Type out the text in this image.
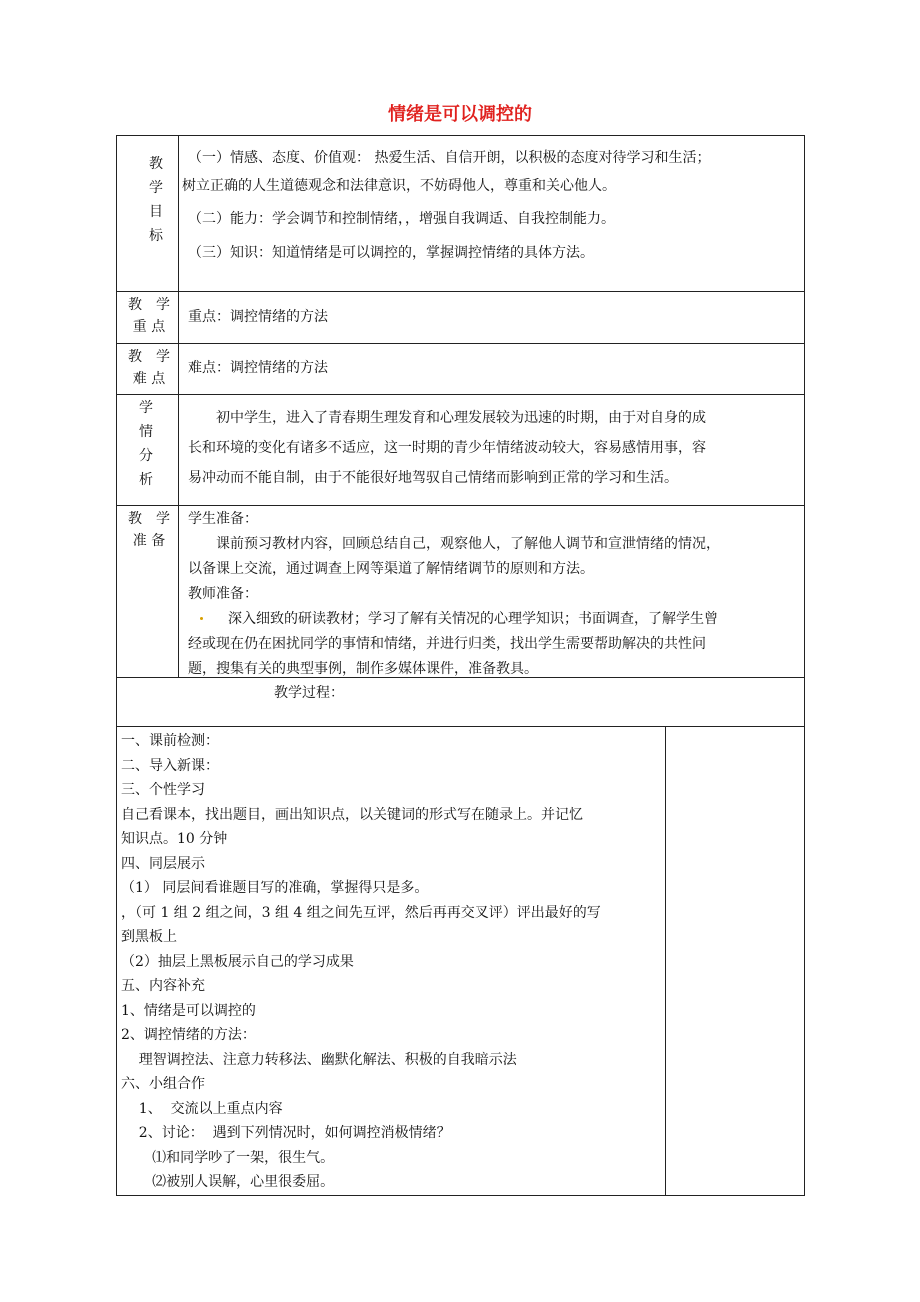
情绪是可以调控的
教
学
目
标

（一）情感、态度、价值观： 热爱生活、自信开朗，以积极的态度对待学习和生活；

树立正确的人生道德观念和法律意识，不妨碍他人，尊重和关心他人。

（二）能力：学会调节和控制情绪，，增强自我调适、自我控制能力。

（三）知识：知道情绪是可以调控的，掌握调控情绪的具体方法。

教　学
重 点
重点：调控情绪的方法
教　学
难 点
难点：调控情绪的方法
学
情
分
析

初中学生，进入了青春期生理发育和心理发展较为迅速的时期，由于对自身的成

长和环境的变化有诸多不适应，这一时期的青少年情绪波动较大，容易感情用事，容

易冲动而不能自制，由于不能很好地驾驭自己情绪而影响到正常的学习和生活。

教　学
准 备

学生准备：

课前预习教材内容，回顾总结自己，观察他人，了解他人调节和宣泄情绪的情况，

以备课上交流，通过调查上网等渠道了解情绪调节的原则和方法。

教师准备：

深入细致的研读教材；学习了解有关情况的心理学知识；书面调查，了解学生曾

经或现在仍在困扰同学的事情和情绪，并进行归类，找出学生需要帮助解决的共性问

题，搜集有关的典型事例，制作多媒体课件，准备教具。

教学过程：

一、课前检测：

二、导入新课：

三、个性学习

自己看课本，找出题目，画出知识点，以关键词的形式写在随录上。并记忆

知识点。10 分钟

四、同层展示

（1） 同层间看谁题目写的准确，掌握得只是多。

，（可 1 组 2 组之间，3 组 4 组之间先互评，然后再再交叉评）评出最好的写

到黑板上

（2）抽层上黑板展示自己的学习成果

五、内容补充

1、情绪是可以调控的

2、调控情绪的方法：

理智调控法、注意力转移法、幽默化解法、积极的自我暗示法

六、小组合作

1、  交流以上重点内容

2、讨论：  遇到下列情况时，如何调控消极情绪？

⑴和同学吵了一架，很生气。

⑵被别人误解，心里很委屈。
